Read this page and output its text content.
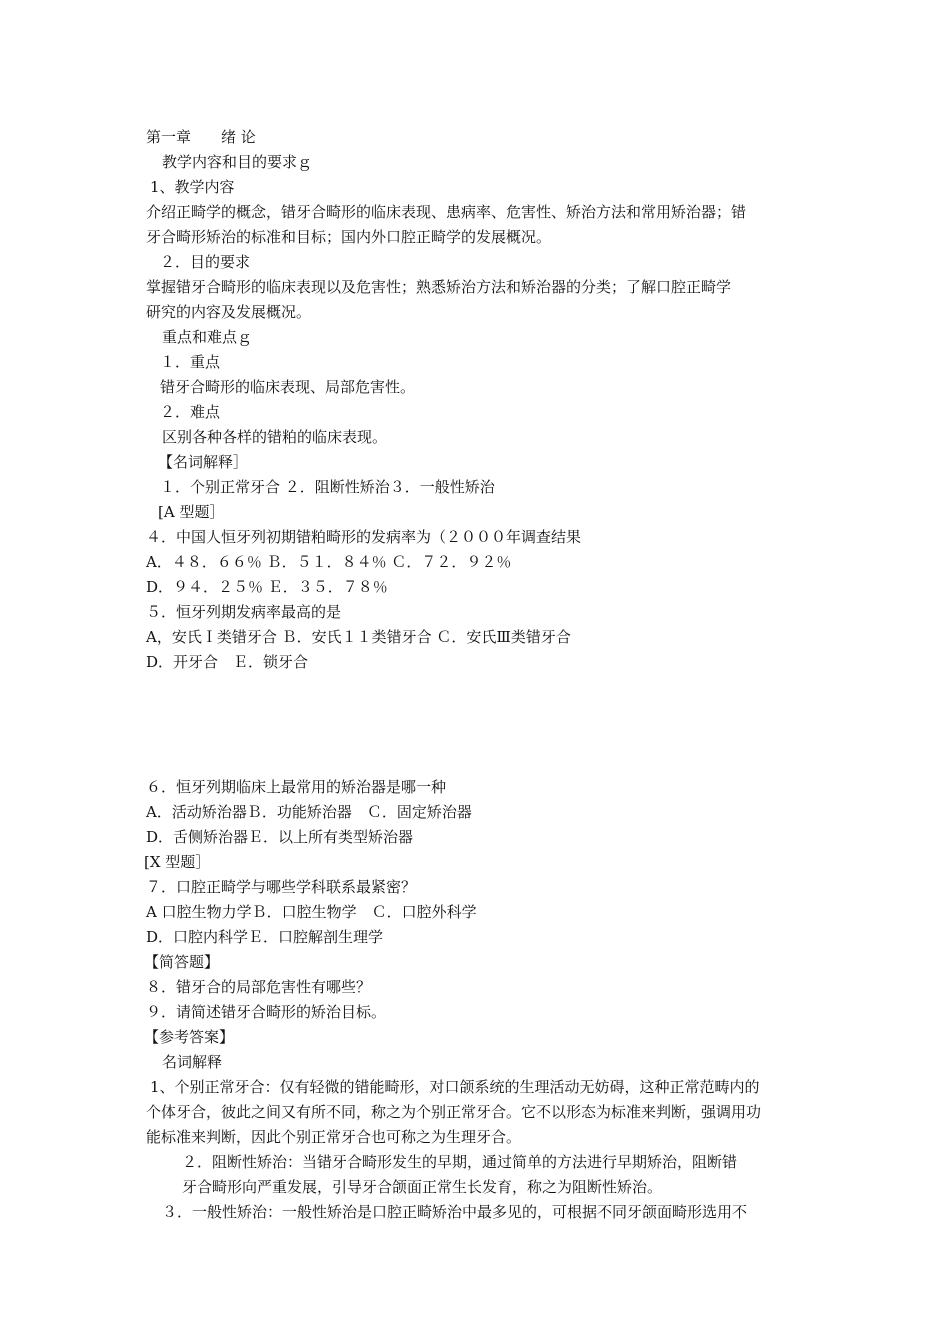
第一章　　绪 论
教学内容和目的要求ｇ
1、教学内容
介绍正畸学的概念，错牙合畸形的临床表现、患病率、危害性、矫治方法和常用矫治器；错
牙合畸形矫治的标准和目标；国内外口腔正畸学的发展概况。
２．目的要求
掌握错牙合畸形的临床表现以及危害性；熟悉矫治方法和矫治器的分类；了解口腔正畸学
研究的内容及发展概况。
重点和难点ｇ
１．重点
错牙合畸形的临床表现、局部危害性。
２．难点
区别各种各样的错粕的临床表现。
【名词解释］
１．个别正常牙合 ２．阻断性矫治３．一般性矫治
[A 型题］
４．中国人恒牙列初期错粕畸形的发病率为（２０００年调查结果
A．４８．６６％ Ｂ．５１．８４％ Ｃ．７２．９２％
D．９４．２５％ Ｅ．３５．７８％
５．恒牙列期发病率最高的是
A，安氏Ｉ类错牙合 Ｂ．安氏１１类错牙合 Ｃ．安氏Ⅲ类错牙合
D．开牙合　Ｅ．锁牙合
６．恒牙列期临床上最常用的矫治器是哪一种
A．活动矫治器Ｂ．功能矫治器　Ｃ．固定矫治器
D．舌侧矫治器Ｅ．以上所有类型矫治器
[X 型题］
７．口腔正畸学与哪些学科联系最紧密？
A 口腔生物力学Ｂ．口腔生物学　Ｃ．口腔外科学
D．口腔内科学Ｅ．口腔解剖生理学
【简答题】
８．错牙合的局部危害性有哪些？
９．请简述错牙合畸形的矫治目标。
【参考答案】
名词解释
1、个别正常牙合：仅有轻微的错能畸形，对口颌系统的生理活动无妨碍，这种正常范畴内的
个体牙合，彼此之间又有所不同，称之为个别正常牙合。它不以形态为标准来判断，强调用功
能标准来判断，因此个别正常牙合也可称之为生理牙合。
２．阻断性矫治：当错牙合畸形发生的早期，通过简单的方法进行早期矫治，阻断错
牙合畸形向严重发展，引导牙合颌面正常生长发育，称之为阻断性矫治。
３．一般性矫治：一般性矫治是口腔正畸矫治中最多见的，可根据不同牙颌面畸形选用不
